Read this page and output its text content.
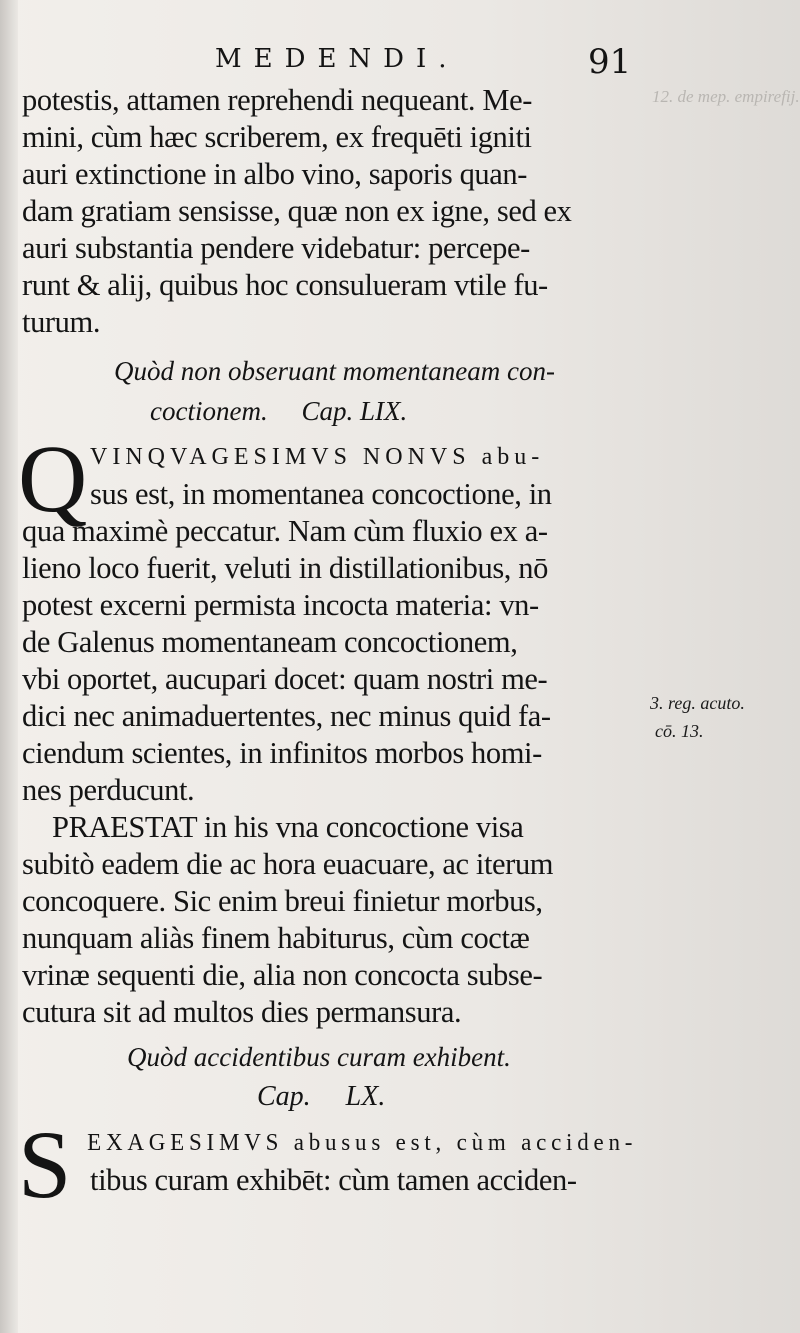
MEDENDI.	91
12. de mep. empirefij.
potestis, attamen reprehendi nequeant. Me-
mini, cùm hæc scriberem, ex frequēti igniti
auri extinctione in albo vino, saporis quan-
dam gratiam sensisse, quæ non ex igne, sed ex
auri substantia pendere videbatur: percepe-
runt & alij, quibus hoc consulueram vtile fu-
turum.
Quòd non obseruant momentaneam con-
coctionem.     Cap. LIX.
Q VINQVAGESIMVS NONVS abu-
sus est, in momentanea concoctione, in
qua maximè peccatur. Nam cùm fluxio ex a-
lieno loco fuerit, veluti in distillationibus, nō
potest excerni permista incocta materia: vn-
de Galenus momentaneam concoctionem,
vbi oportet, aucupari docet: quam nostri me-
dici nec animaduertentes, nec minus quid fa-
ciendum scientes, in infinitos morbos homi-
nes perducunt.
PRAESTAT in his vna concoctione visa
subitò eadem die ac hora euacuare, ac iterum
concoquere. Sic enim breui finietur morbus,
nunquam aliàs finem habiturus, cùm coctæ
vrinæ sequenti die, alia non concocta subse-
cutura sit ad multos dies permansura.
Quòd accidentibus curam exhibent.
Cap.     LX.
S EXAGESIMVS abusus est, cùm acciden-
tibus curam exhibēt: cùm tamen acciden-
3. reg. acuto.
cō. 13.
